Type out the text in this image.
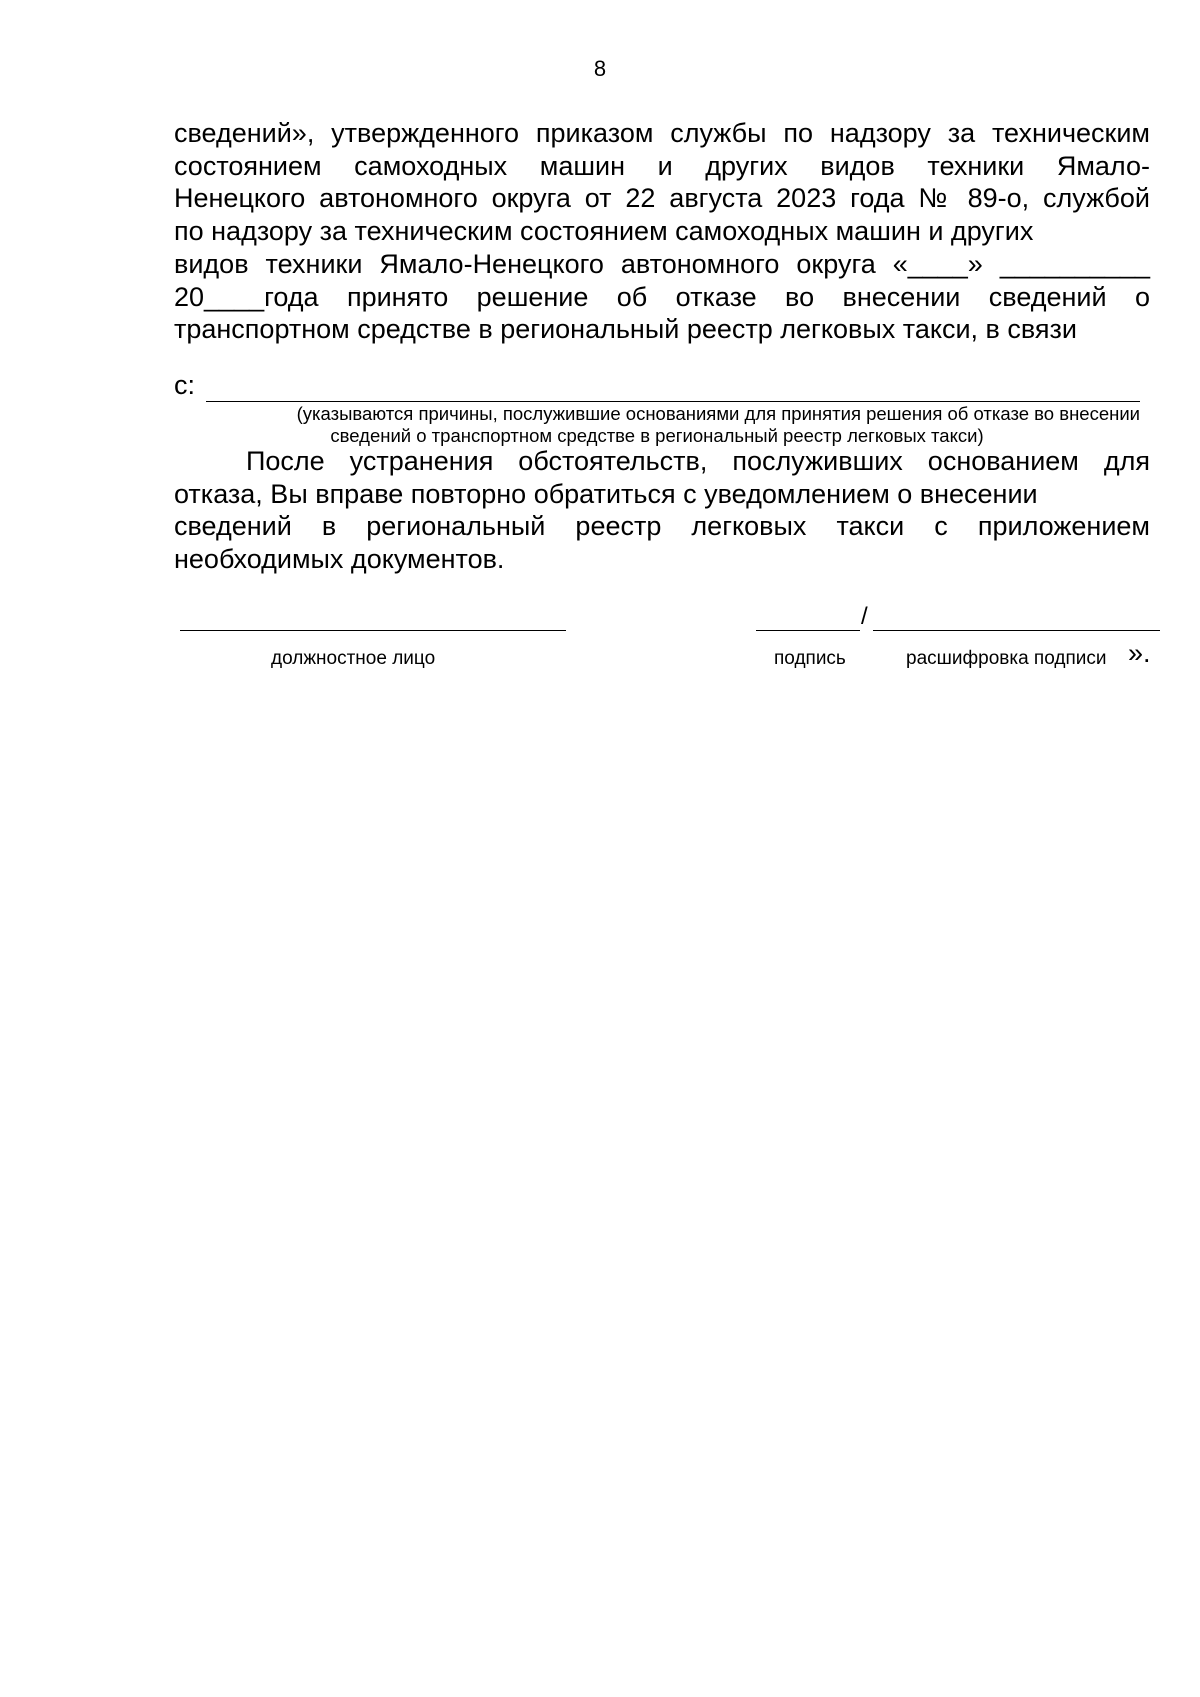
8
сведений», утвержденного приказом службы по надзору за техническим
состоянием самоходных машин и других видов техники Ямало-
Ненецкого автономного округа от 22 августа 2023 года № 89-о, службой
по надзору за техническим состоянием самоходных машин и других
видов техники Ямало-Ненецкого автономного округа «____» __________
20____года принято решение об отказе во внесении сведений о
транспортном средстве в региональный реестр легковых такси, в связи
с:
(указываются причины, послужившие основаниями для принятия решения об отказе во внесении
сведений о транспортном средстве в региональный реестр легковых такси)
После устранения обстоятельств, послуживших основанием для
отказа, Вы вправе повторно обратиться с уведомлением о внесении
сведений в региональный реестр легковых такси с приложением
необходимых документов.
/
должностное лицо	подпись	расшифровка подписи ».
